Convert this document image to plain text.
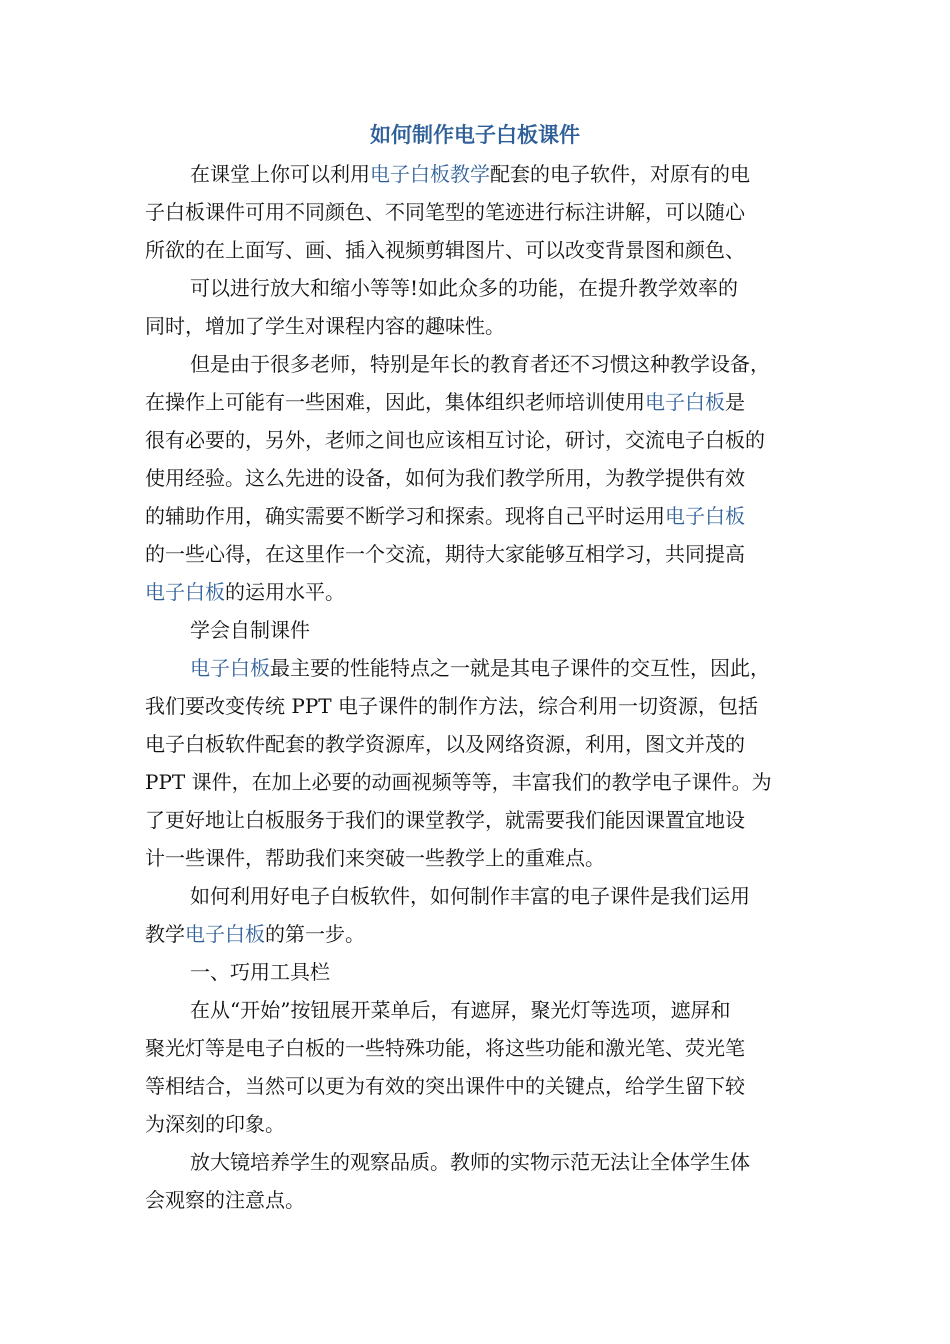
如何制作电子白板课件
在课堂上你可以利用电子白板教学配套的电子软件，对原有的电
子白板课件可用不同颜色、不同笔型的笔迹进行标注讲解，可以随心
所欲的在上面写、画、插入视频剪辑图片、可以改变背景图和颜色、
可以进行放大和缩小等等!如此众多的功能，在提升教学效率的
同时，增加了学生对课程内容的趣味性。
但是由于很多老师，特别是年长的教育者还不习惯这种教学设备，
在操作上可能有一些困难，因此，集体组织老师培训使用电子白板是
很有必要的，另外，老师之间也应该相互讨论，研讨，交流电子白板的
使用经验。这么先进的设备，如何为我们教学所用，为教学提供有效
的辅助作用，确实需要不断学习和探索。现将自己平时运用电子白板
的一些心得，在这里作一个交流，期待大家能够互相学习，共同提高
电子白板的运用水平。
学会自制课件
电子白板最主要的性能特点之一就是其电子课件的交互性，因此，
我们要改变传统 PPT 电子课件的制作方法，综合利用一切资源，包括
电子白板软件配套的教学资源库，以及网络资源，利用，图文并茂的
PPT 课件，在加上必要的动画视频等等，丰富我们的教学电子课件。为
了更好地让白板服务于我们的课堂教学，就需要我们能因课置宜地设
计一些课件，帮助我们来突破一些教学上的重难点。
如何利用好电子白板软件，如何制作丰富的电子课件是我们运用
教学电子白板的第一步。
一、巧用工具栏
在从“开始”按钮展开菜单后，有遮屏，聚光灯等选项，遮屏和
聚光灯等是电子白板的一些特殊功能，将这些功能和激光笔、荧光笔
等相结合，当然可以更为有效的突出课件中的关键点，给学生留下较
为深刻的印象。
放大镜培养学生的观察品质。教师的实物示范无法让全体学生体
会观察的注意点。
